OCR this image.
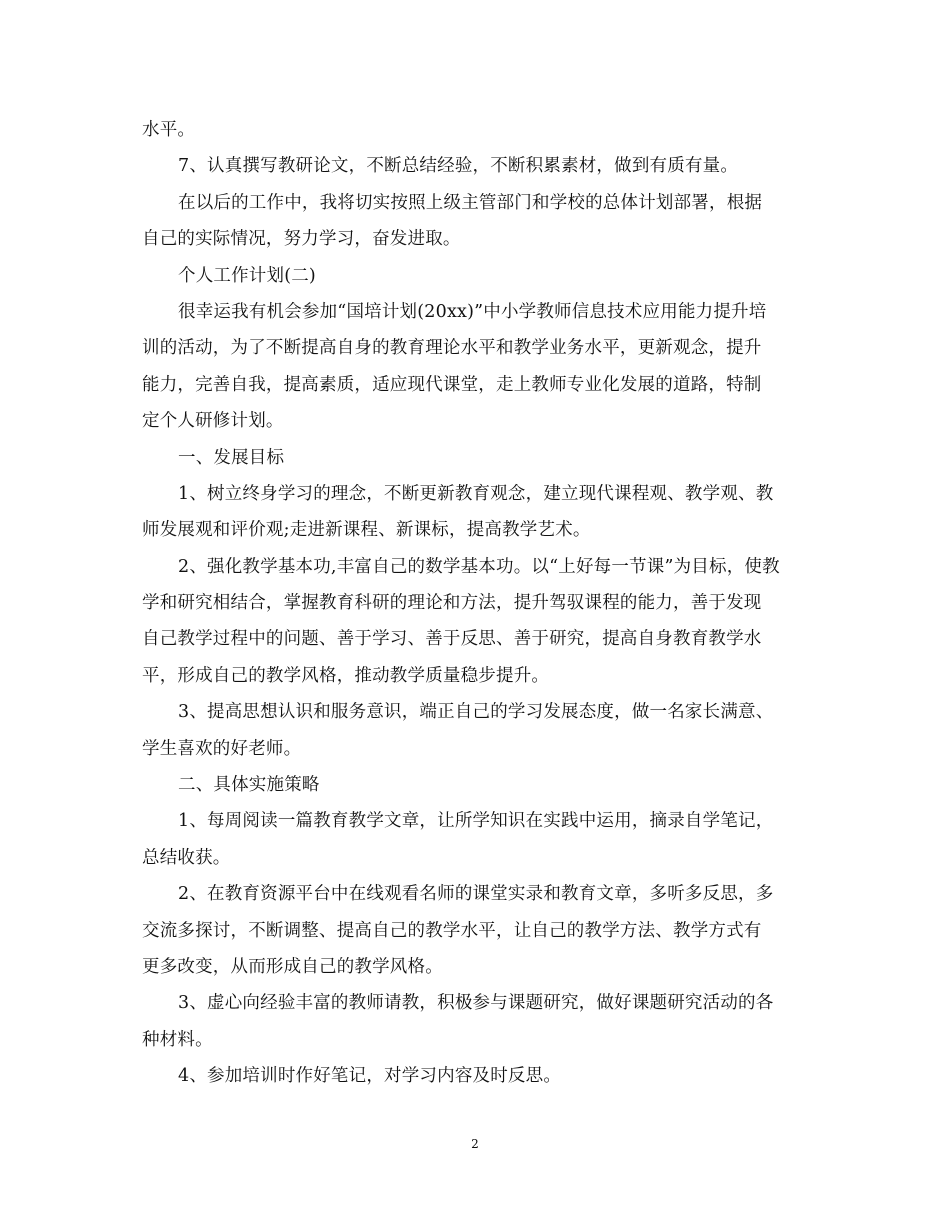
水平。
7、认真撰写教研论文，不断总结经验，不断积累素材，做到有质有量。
在以后的工作中，我将切实按照上级主管部门和学校的总体计划部署，根据
自己的实际情况，努力学习，奋发进取。
个人工作计划(二)
很幸运我有机会参加“国培计划(20xx)”中小学教师信息技术应用能力提升培
训的活动，为了不断提高自身的教育理论水平和教学业务水平，更新观念，提升
能力，完善自我，提高素质，适应现代课堂，走上教师专业化发展的道路，特制
定个人研修计划。
一、发展目标
1、树立终身学习的理念，不断更新教育观念，建立现代课程观、教学观、教
师发展观和评价观;走进新课程、新课标，提高教学艺术。
2、强化教学基本功,丰富自己的数学基本功。以“上好每一节课”为目标，使教
学和研究相结合，掌握教育科研的理论和方法，提升驾驭课程的能力，善于发现
自己教学过程中的问题、善于学习、善于反思、善于研究，提高自身教育教学水
平，形成自己的教学风格，推动教学质量稳步提升。
3、提高思想认识和服务意识，端正自己的学习发展态度，做一名家长满意、
学生喜欢的好老师。
二、具体实施策略
1、每周阅读一篇教育教学文章，让所学知识在实践中运用，摘录自学笔记，
总结收获。
2、在教育资源平台中在线观看名师的课堂实录和教育文章，多听多反思，多
交流多探讨，不断调整、提高自己的教学水平，让自己的教学方法、教学方式有
更多改变，从而形成自己的教学风格。
3、虚心向经验丰富的教师请教，积极参与课题研究，做好课题研究活动的各
种材料。
4、参加培训时作好笔记，对学习内容及时反思。
2
